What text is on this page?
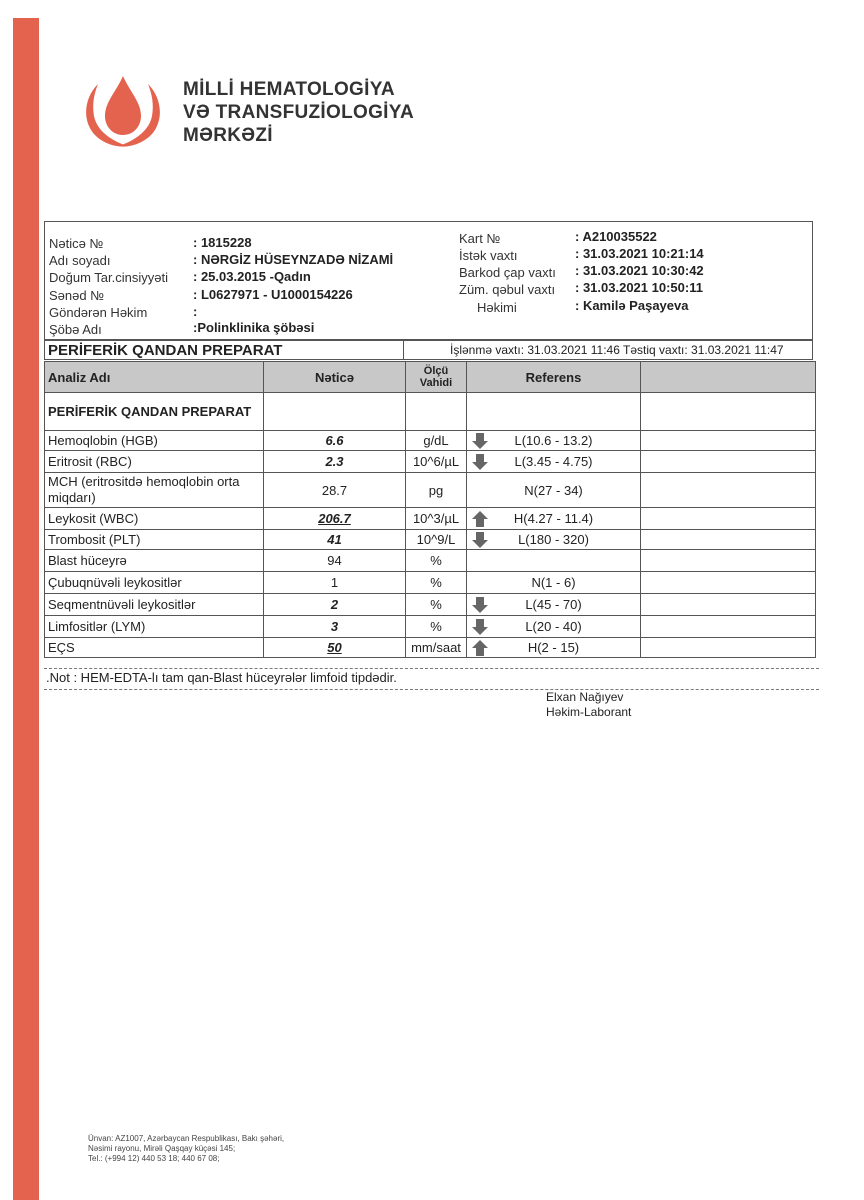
MİLLİ HEMATOLOGİYA
VƏ TRANSFUZİOLOGİYA
MƏRKƏZİ
Nəticə №	: 1815228
Adı soyadı	: NƏRGİZ HÜSEYNZADƏ NİZAMİ
Doğum Tar.cinsiyyəti : 25.03.2015 -Qadın
Sənəd №	: L0627971 - U1000154226
Göndərən Həkim	:
Şöbə Adı	:Polinklinika şöbəsi
Kart №	: A210035522
İstək vaxtı	: 31.03.2021 10:21:14
Barkod çap vaxtı : 31.03.2021 10:30:42
Züm. qəbul vaxtı : 31.03.2021 10:50:11
Həkimi	: Kamilə Paşayeva
PERİFERİK QANDAN PREPARAT	İşlənmə vaxtı: 31.03.2021 11:46 Təstiq vaxtı: 31.03.2021 11:47
Analiz Adı	Nəticə	Ölçü Vahidi	Referens	
PERİFERİK QANDAN PREPARAT				
Hemoqlobin (HGB)	6.6	g/dL	L(10.6 - 13.2)	
Eritrosit (RBC)	2.3	10^6/µL	L(3.45 - 4.75)	
MCH (eritrositdə hemoqlobin orta miqdarı)	28.7	pg	N(27 - 34)	
Leykosit (WBC)	206.7	10^3/µL	H(4.27 - 11.4)	
Trombosit (PLT)	41	10^9/L	L(180 - 320)	
Blast hüceyrə	94	%		
Çubuqnüvəli leykositlər	1	%	N(1 - 6)	
Seqmentnüvəli leykositlər	2	%	L(45 - 70)	
Limfositlər (LYM)	3	%	L(20 - 40)	
EÇS	50	mm/saat	H(2 - 15)	
.Not : HEM-EDTA-lı tam qan-Blast hüceyrələr limfoid tipdədir.
Elxan Nağıyev
Həkim-Laborant
Ünvan: AZ1007, Azərbaycan Respublikası, Bakı şəhəri,
Nəsimi rayonu, Mirəli Qaşqay küçəsi 145;
Tel.: (+994 12) 440 53 18; 440 67 08;
